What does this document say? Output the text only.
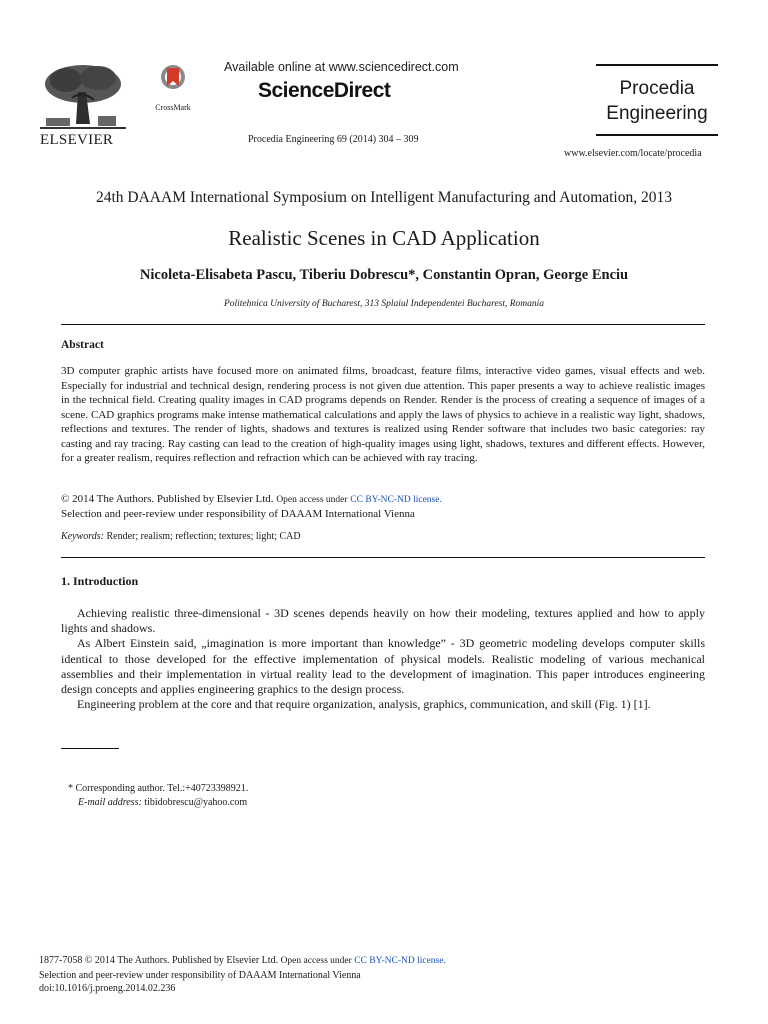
ELSEVIER
CrossMark
Available online at www.sciencedirect.com
ScienceDirect
Procedia Engineering 69 (2014) 304 – 309
Procedia
Engineering
www.elsevier.com/locate/procedia
24th DAAAM International Symposium on Intelligent Manufacturing and Automation, 2013
Realistic Scenes in CAD Application
Nicoleta-Elisabeta Pascu, Tiberiu Dobrescu*, Constantin Opran, George Enciu
Politehnica University of Bucharest, 313 Splaiul Independentei Bucharest, Romania
Abstract
3D computer graphic artists have focused more on animated films, broadcast, feature films, interactive video games, visual effects and web. Especially for industrial and technical design, rendering process is not given due attention. This paper presents a way to achieve realistic images in the technical field. Creating quality images in CAD programs depends on Render. Render is the process of creating a sequence of images of a scene. CAD graphics programs make intense mathematical calculations and apply the laws of physics to achieve in a realistic way light, shadows, reflections and textures. The render of lights, shadows and textures is realized using Render software that includes two basic categories: ray casting and ray tracing. Ray casting can lead to the creation of high-quality images using light, shadows, textures and different effects. However, for a greater realism, requires reflection and refraction which can be achieved with ray tracing.
© 2014 The Authors. Published by Elsevier Ltd. Open access under CC BY-NC-ND license.
Selection and peer-review under responsibility of DAAAM International Vienna
Keywords: Render; realism; reflection; textures; light; CAD
1. Introduction

Achieving realistic three-dimensional - 3D scenes depends heavily on how their modeling, textures applied and how to apply lights and shadows.

As Albert Einstein said, „imagination is more important than knowledge” - 3D geometric modeling develops computer skills identical to those developed for the effective implementation of physical models. Realistic modeling of various mechanical assemblies and their implementation in virtual reality lead to the development of imagination. This paper introduces engineering design concepts and applies engineering graphics to the design process.

Engineering problem at the core and that require organization, analysis, graphics, communication, and skill (Fig. 1) [1].

* Corresponding author. Tel.:+40723398921.
E-mail address: tibidobrescu@yahoo.com
1877-7058 © 2014 The Authors. Published by Elsevier Ltd. Open access under CC BY-NC-ND license.
Selection and peer-review under responsibility of DAAAM International Vienna
doi:10.1016/j.proeng.2014.02.236
